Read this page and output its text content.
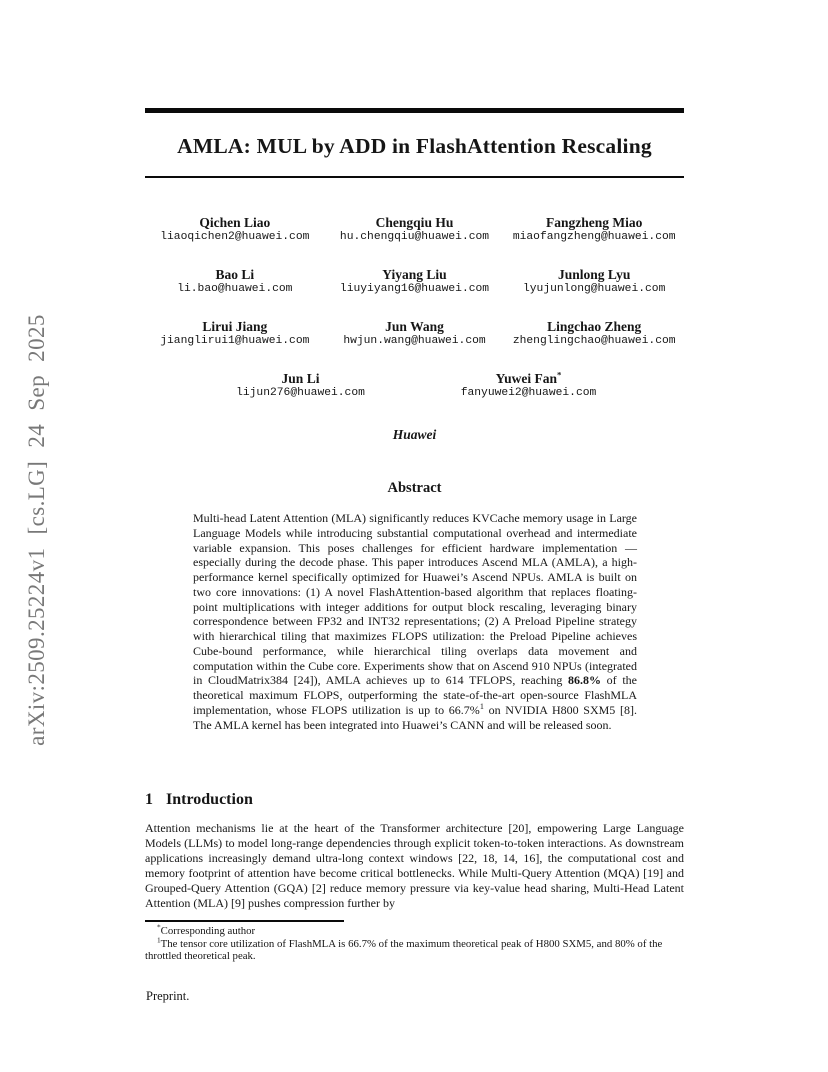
arXiv:2509.25224v1 [cs.LG] 24 Sep 2025
AMLA: MUL by ADD in FlashAttention Rescaling
Qichen Liao
liaoqichen2@huawei.com
Chengqiu Hu
hu.chengqiu@huawei.com
Fangzheng Miao
miaofangzheng@huawei.com
Bao Li
li.bao@huawei.com
Yiyang Liu
liuyiyang16@huawei.com
Junlong Lyu
lyujunlong@huawei.com
Lirui Jiang
jianglirui1@huawei.com
Jun Wang
hwjun.wang@huawei.com
Lingchao Zheng
zhenglingchao@huawei.com
Jun Li
lijun276@huawei.com
Yuwei Fan*
fanyuwei2@huawei.com
Huawei
Abstract
Multi-head Latent Attention (MLA) significantly reduces KVCache memory usage in Large Language Models while introducing substantial computational overhead and intermediate variable expansion. This poses challenges for efficient hardware implementation — especially during the decode phase. This paper introduces Ascend MLA (AMLA), a high-performance kernel specifically optimized for Huawei’s Ascend NPUs. AMLA is built on two core innovations: (1) A novel FlashAttention-based algorithm that replaces floating-point multiplications with integer additions for output block rescaling, leveraging binary correspondence between FP32 and INT32 representations; (2) A Preload Pipeline strategy with hierarchical tiling that maximizes FLOPS utilization: the Preload Pipeline achieves Cube-bound performance, while hierarchical tiling overlaps data movement and computation within the Cube core. Experiments show that on Ascend 910 NPUs (integrated in CloudMatrix384 [24]), AMLA achieves up to 614 TFLOPS, reaching 86.8% of the theoretical maximum FLOPS, outperforming the state-of-the-art open-source FlashMLA implementation, whose FLOPS utilization is up to 66.7%$^1$ on NVIDIA H800 SXM5 [8]. The AMLA kernel has been integrated into Huawei’s CANN and will be released soon.
1 Introduction
Attention mechanisms lie at the heart of the Transformer architecture [20], empowering Large Language Models (LLMs) to model long-range dependencies through explicit token-to-token interactions. As downstream applications increasingly demand ultra-long context windows [22, 18, 14, 16], the computational cost and memory footprint of attention have become critical bottlenecks. While Multi-Query Attention (MQA) [19] and Grouped-Query Attention (GQA) [2] reduce memory pressure via key-value head sharing, Multi-Head Latent Attention (MLA) [9] pushes compression further by
*Corresponding author
$^1$The tensor core utilization of FlashMLA is 66.7% of the maximum theoretical peak of H800 SXM5, and 80% of the throttled theoretical peak.
Preprint.
